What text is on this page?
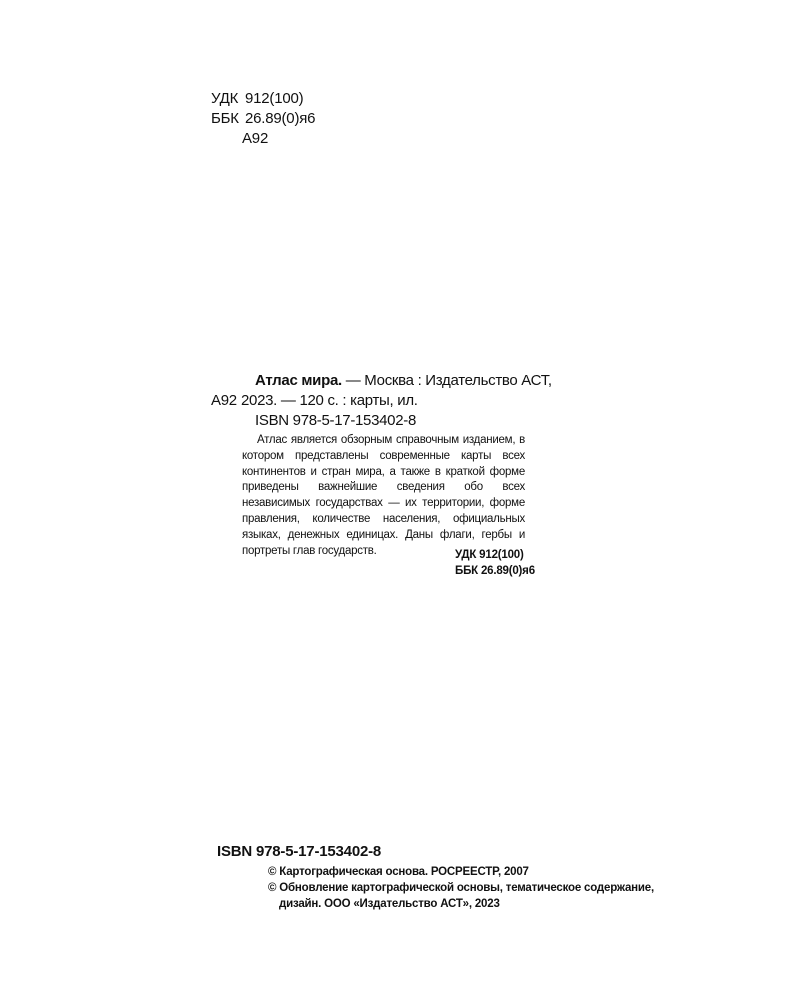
УДК 912(100)
ББК 26.89(0)я6
А92
Атлас мира. — Москва : Издательство АСТ,
А92 2023. — 120 с. : карты, ил.
ISBN 978-5-17-153402-8

Атлас является обзорным справочным изданием, в котором представлены современные карты всех континентов и стран мира, а также в краткой форме приведены важнейшие сведения обо всех независимых государствах — их территории, форме правления, количестве населения, официальных языках, денежных единицах. Даны флаги, гербы и портреты глав государств.	УДК 912(100)
ББК 26.89(0)я6
ISBN 978-5-17-153402-8
© Картографическая основа. РОСРЕЕСТР, 2007
© Обновление картографической основы, тематическое содержание,
дизайн. ООО «Издательство АСТ», 2023
